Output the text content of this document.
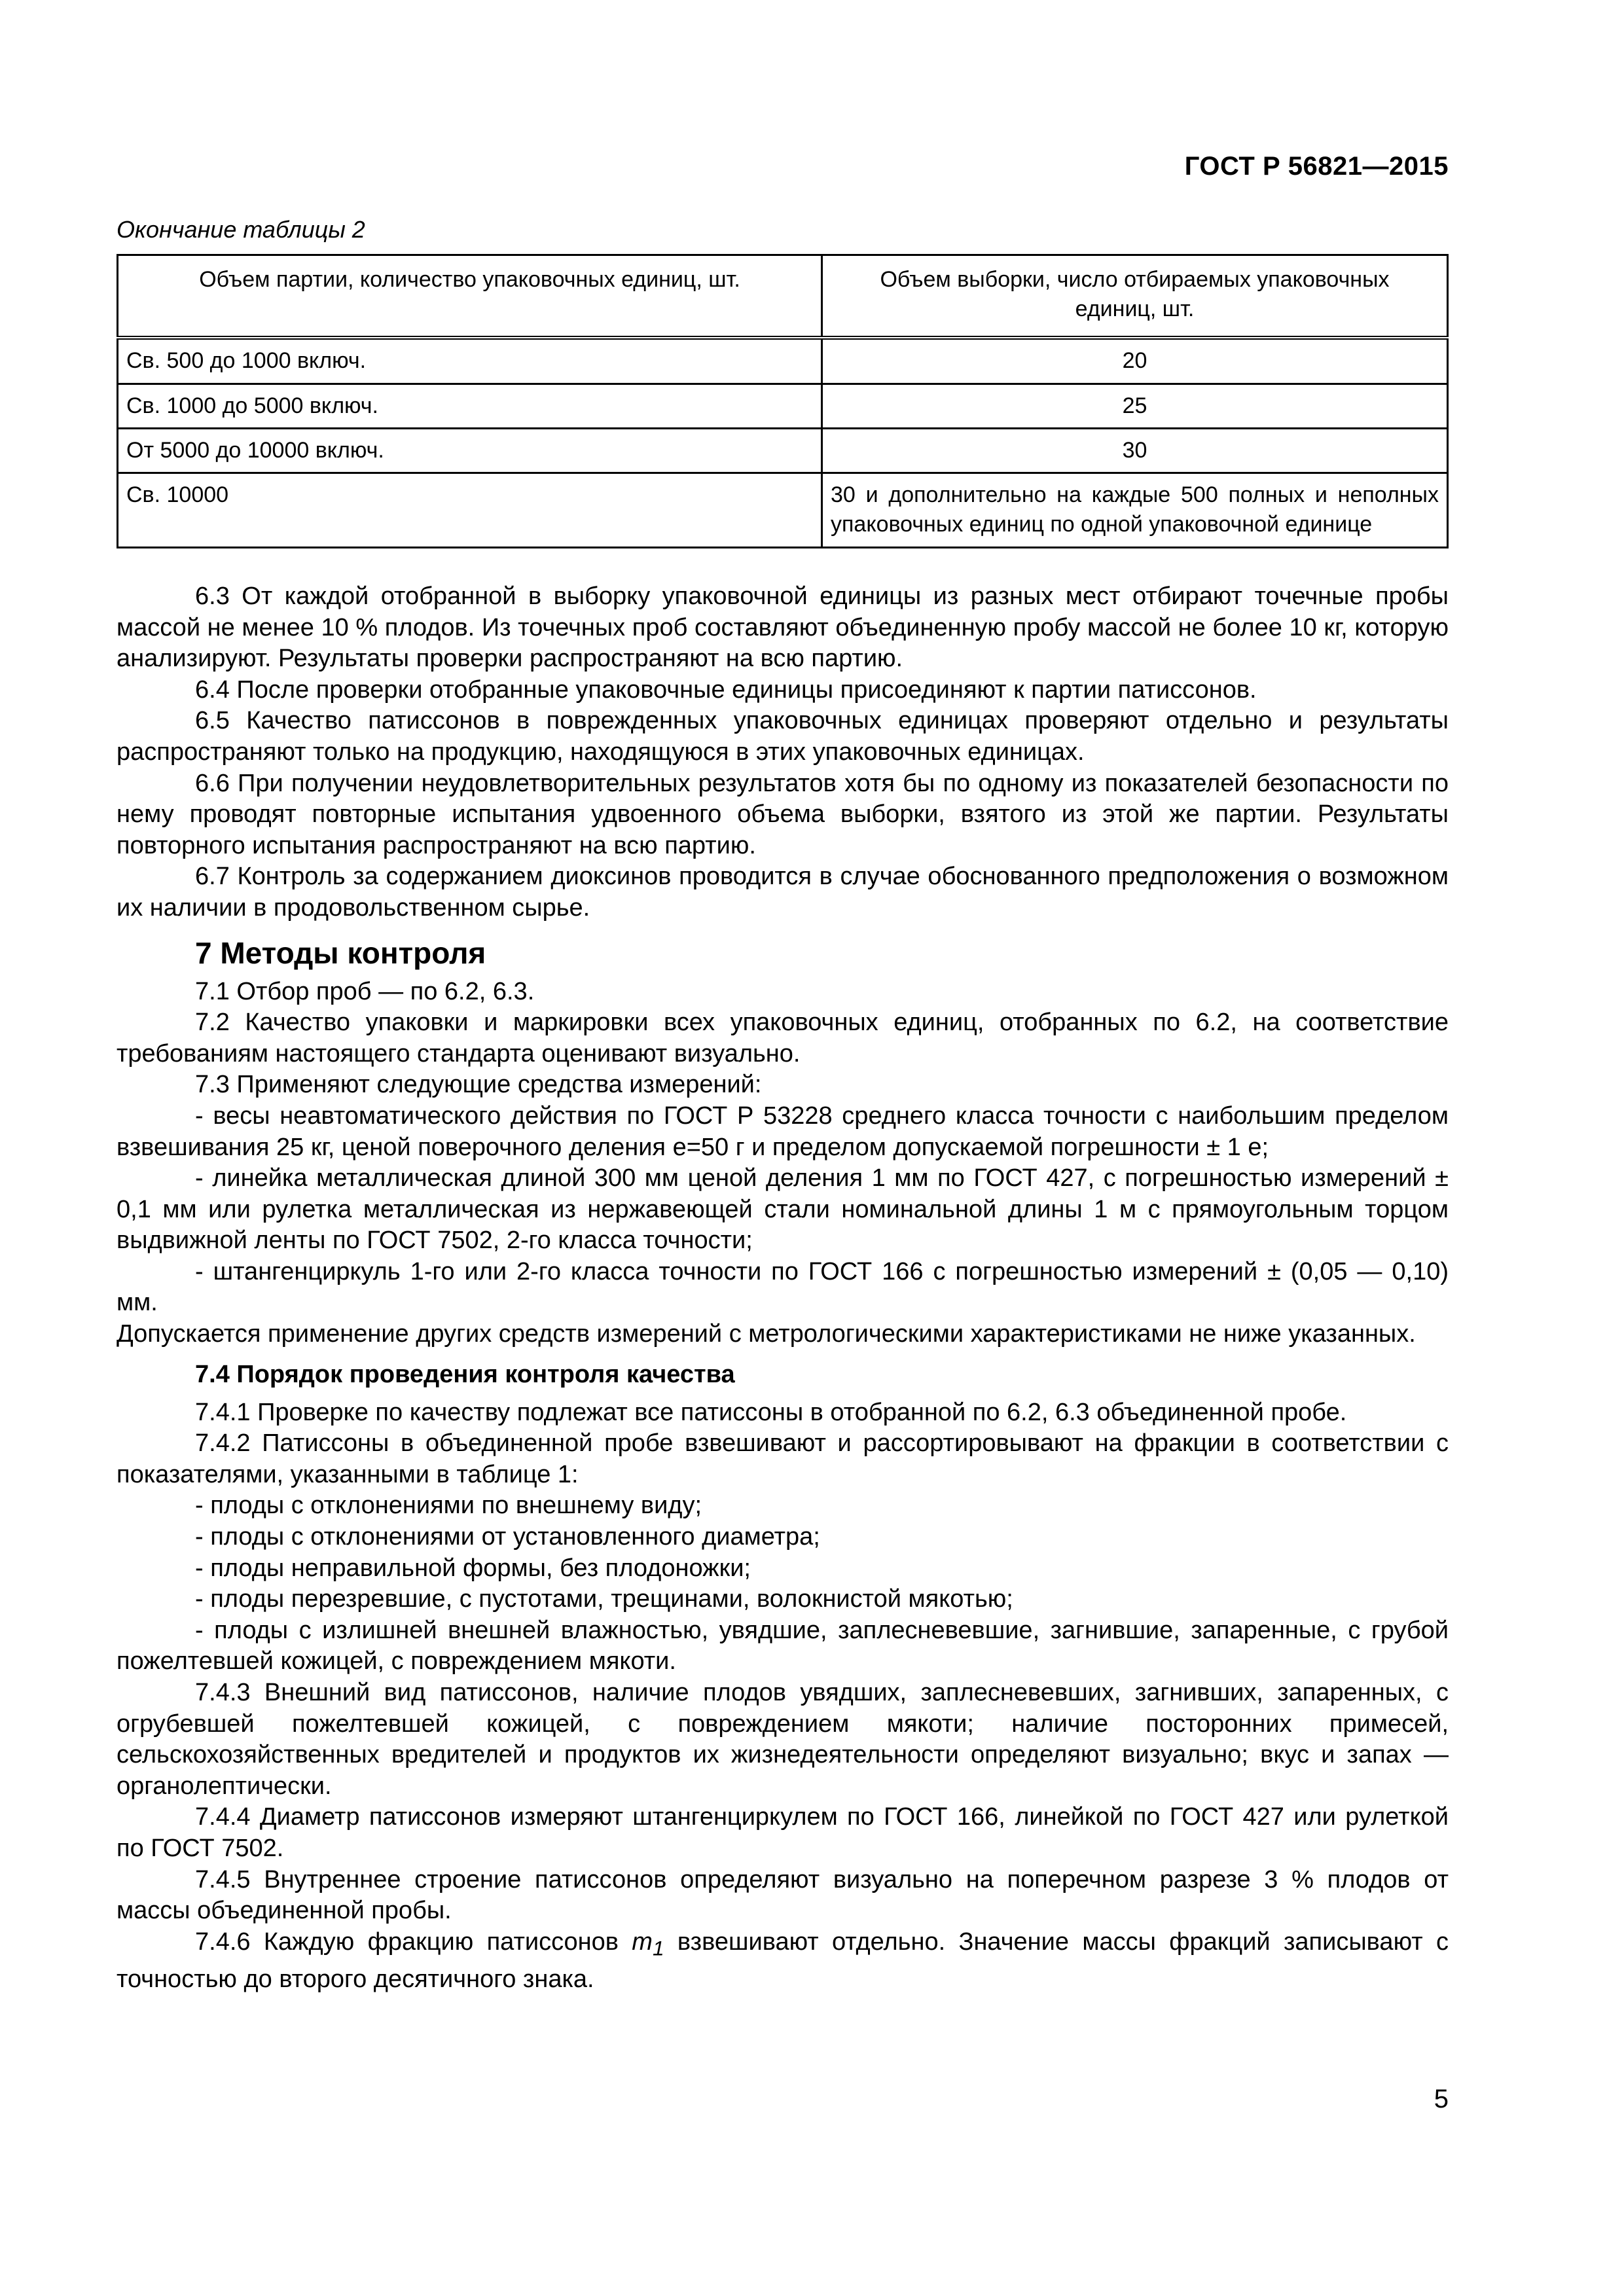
ГОСТ Р 56821—2015
Окончание таблицы 2
Объем партии, количество упаковочных единиц, шт.	Объем выборки, число отбираемых упаковочных единиц, шт.
Св. 500 до 1000 включ.	20
Св. 1000 до 5000 включ.	25
От 5000 до 10000 включ.	30
Св. 10000	30 и дополнительно на каждые 500 полных и неполных упаковочных единиц по одной упаковочной единице

6.3 От каждой отобранной в выборку упаковочной единицы из разных мест отбирают точечные пробы массой не менее 10 % плодов. Из точечных проб составляют объединенную пробу массой не более 10 кг, которую анализируют. Результаты проверки распространяют на всю партию.

6.4 После проверки отобранные упаковочные единицы присоединяют к партии патиссонов.

6.5 Качество патиссонов в поврежденных упаковочных единицах проверяют отдельно и результаты распространяют только на продукцию, находящуюся в этих упаковочных единицах.

6.6 При получении неудовлетворительных результатов хотя бы по одному из показателей безопасности по нему проводят повторные испытания удвоенного объема выборки, взятого из этой же партии. Результаты повторного испытания распространяют на всю партию.

6.7 Контроль за содержанием диоксинов проводится в случае обоснованного предположения о возможном их наличии в продовольственном сырье.

7 Методы контроля

7.1 Отбор проб — по 6.2, 6.3.

7.2 Качество упаковки и маркировки всех упаковочных единиц, отобранных по 6.2, на соответствие требованиям настоящего стандарта оценивают визуально.

7.3 Применяют следующие средства измерений:

- весы неавтоматического действия по ГОСТ Р 53228 среднего класса точности с наибольшим пределом взвешивания 25 кг, ценой поверочного деления е=50 г и пределом допускаемой погрешности ± 1 е;

- линейка металлическая длиной 300 мм ценой деления 1 мм по ГОСТ 427, с погрешностью измерений ± 0,1 мм или рулетка металлическая из нержавеющей стали номинальной длины 1 м с прямоугольным торцом выдвижной ленты по ГОСТ 7502, 2-го класса точности;

- штангенциркуль 1-го или 2-го класса точности по ГОСТ 166 с погрешностью измерений ± (0,05 — 0,10) мм.

Допускается применение других средств измерений с метрологическими характеристиками не ниже указанных.

7.4 Порядок проведения контроля качества

7.4.1 Проверке по качеству подлежат все патиссоны в отобранной по 6.2, 6.3 объединенной пробе.

7.4.2 Патиссоны в объединенной пробе взвешивают и рассортировывают на фракции в соответствии с показателями, указанными в таблице 1:

- плоды с отклонениями по внешнему виду;

- плоды с отклонениями от установленного диаметра;

- плоды неправильной формы, без плодоножки;

- плоды перезревшие, с пустотами, трещинами, волокнистой мякотью;

- плоды с излишней внешней влажностью, увядшие, заплесневевшие, загнившие, запаренные, с грубой пожелтевшей кожицей, с повреждением мякоти.

7.4.3 Внешний вид патиссонов, наличие плодов увядших, заплесневевших, загнивших, запаренных, с огрубевшей пожелтевшей кожицей, с повреждением мякоти; наличие посторонних примесей, сельскохозяйственных вредителей и продуктов их жизнедеятельности определяют визуально; вкус и запах — органолептически.

7.4.4 Диаметр патиссонов измеряют штангенциркулем по ГОСТ 166, линейкой по ГОСТ 427 или рулеткой по ГОСТ 7502.

7.4.5 Внутреннее строение патиссонов определяют визуально на поперечном разрезе 3 % плодов от массы объединенной пробы.

7.4.6 Каждую фракцию патиссонов $m_1$ взвешивают отдельно. Значение массы фракций записывают с точностью до второго десятичного знака.

5
